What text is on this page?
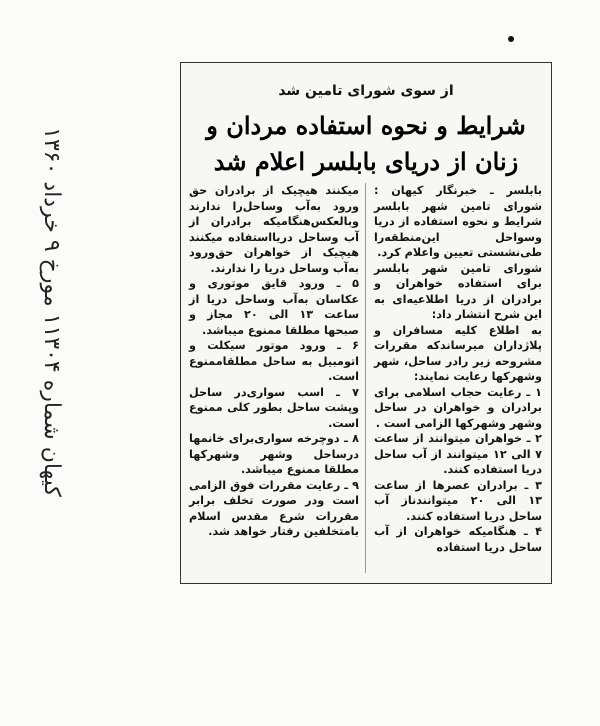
کیهان شماره ۱۱۳۰۴ مورخ ۹ خرداد ۱۳۶۰
از سوی شورای تامین شد
شرایط و نحوه استفاده مردان و
زنان از دریای بابلسر اعلام شد

بابلسر ـ خبرنگار کیهان : شورای تامین شهر بابلسر شرایط و نحوه استفاده از دریا وسواحل این‌منطقه‌را طی‌نشستی تعیین واعلام کرد.

شورای تامین شهر بابلسر برای استفاده خواهران و برادران از دریا اطلاعیه‌ای به این شرح انتشار داد:

به اطلاع کلیه مسافران و پلاژداران میرساندکه مقررات مشروحه زیر رادر ساحل، شهر وشهرکها رعایت نمایند:

۱ ـ رعایت حجاب اسلامی برای برادران و خواهران در ساحل وشهر وشهرکها الزامی است .

۲ ـ خواهران میتوانند از ساعت ۷ الی ۱۲ میتوانند از آب ساحل دریا استفاده کنند.

۳ ـ برادران عصرها از ساعت ۱۳ الی ۲۰ میتوانندناز آب ساحل دریا استفاده کنند.

۴ ـ هنگامیکه خواهران از آب ساحل دریا استفاده

میکنند هیچیک از برادران حق ورود به‌آب وساحل‌را ندارند وبالعکس‌هنگامیکه برادران از آب وساحل دریااستفاده میکنند هیچیک از خواهران حق‌ورود به‌آب وساحل دریا را ندارند.

۵ ـ ورود قایق موتوری و عکاسان به‌آب وساحل دریا از ساعت ۱۳ الی ۲۰ مجاز و صبحها مطلقا ممنوع میباشد.

۶ ـ ورود موتور سیکلت و اتومبیل به ساحل مطلقاممنوع است.

۷ ـ اسب سواری‌در ساحل وپشت ساحل بطور کلی ممنوع است.

۸ ـ دوچرخه سواری‌برای خانمها درساحل وشهر وشهرکها مطلقا ممنوع میباشد.

۹ ـ رعایت مقررات فوق الزامی است ودر صورت تخلف برابر مقررات شرع مقدس اسلام بامتخلفین رفتار خواهد شد.
